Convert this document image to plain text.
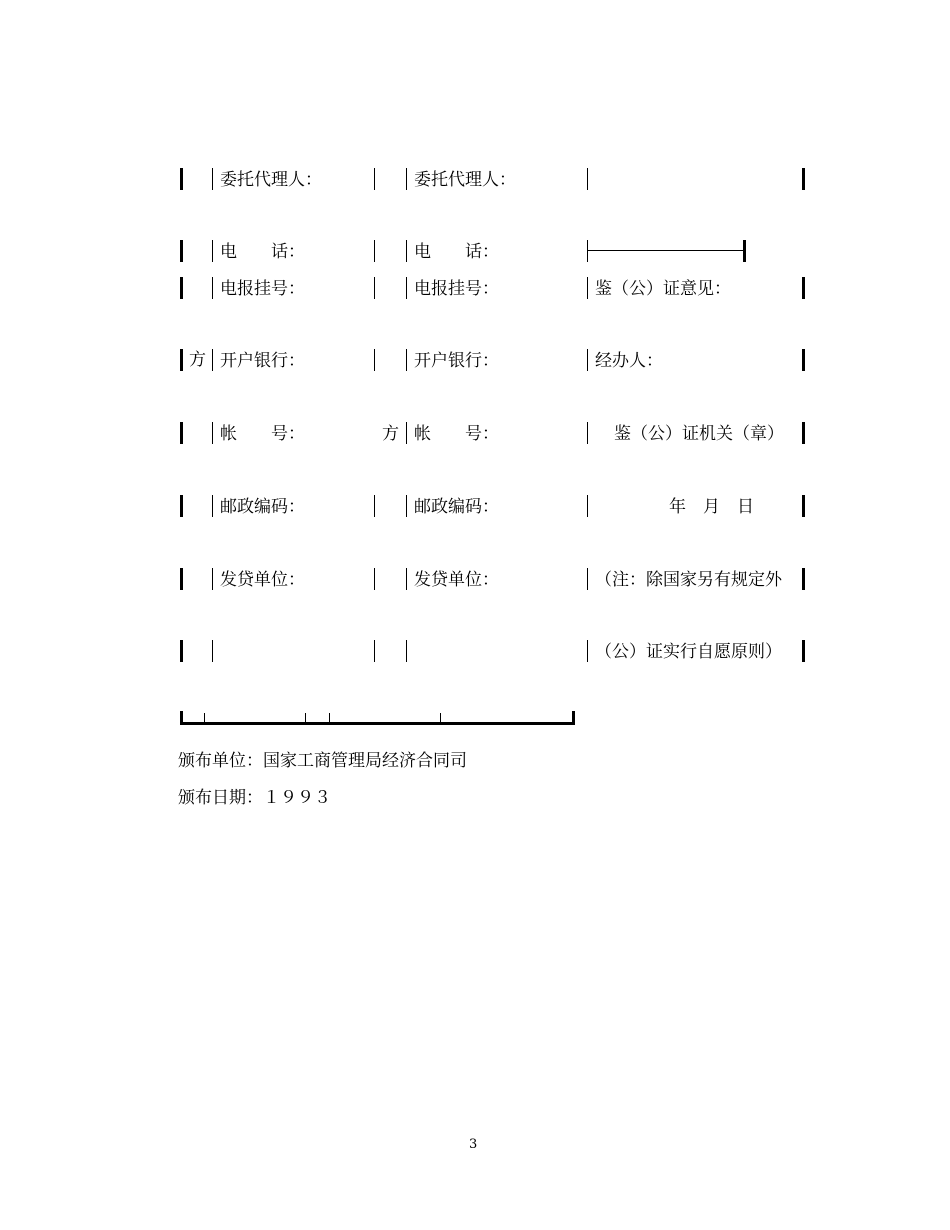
方
委托代理人：
电　　话：
电报挂号：
开户银行：
帐　　号：
邮政编码：
发贷单位：
方
委托代理人：
电　　话：
电报挂号：
开户银行：
帐　　号：
邮政编码：
发贷单位：
鉴（公）证意见：
经办人：
鉴（公）证机关（章）
年　月　日
（注：除国家另有规定外
（公）证实行自愿原则）
颁布单位：国家工商管理局经济合同司
颁布日期：１９９３
3
